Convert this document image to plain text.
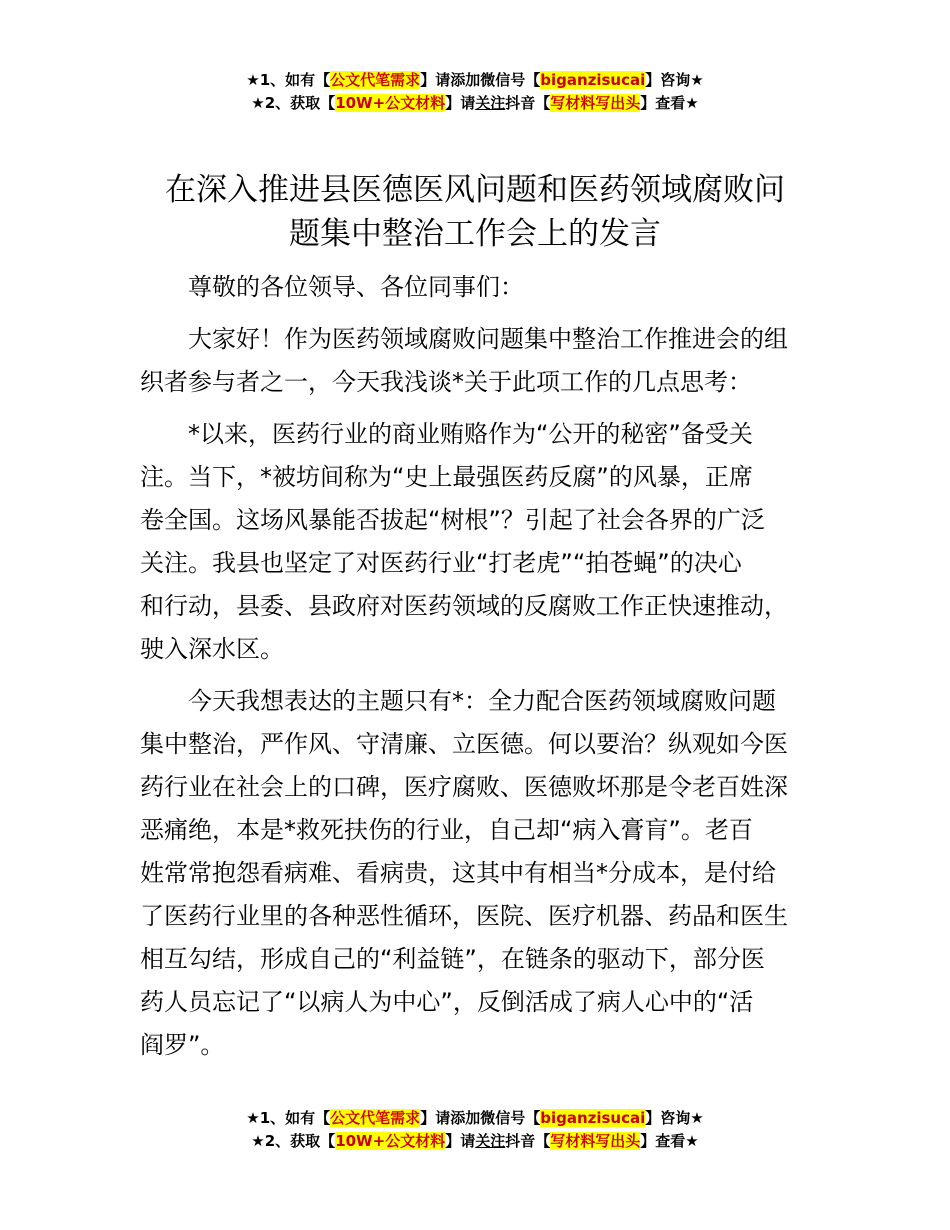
★1、如有【公文代笔需求】请添加微信号【biganzisucai】咨询★
★2、获取【10W+公文材料】请关注抖音【写材料写出头】查看★
在深入推进县医德医风问题和医药领域腐败问
题集中整治工作会上的发言

尊敬的各位领导、各位同事们：

大家好！作为医药领域腐败问题集中整治工作推进会的组
织者参与者之一，今天我浅谈*关于此项工作的几点思考：

*以来，医药行业的商业贿赂作为“公开的秘密”备受关
注。当下，*被坊间称为“史上最强医药反腐”的风暴，正席
卷全国。这场风暴能否拔起“树根”？引起了社会各界的广泛
关注。我县也坚定了对医药行业“打老虎”“拍苍蝇”的决心
和行动，县委、县政府对医药领域的反腐败工作正快速推动，
驶入深水区。

今天我想表达的主题只有*：全力配合医药领域腐败问题
集中整治，严作风、守清廉、立医德。何以要治？纵观如今医
药行业在社会上的口碑，医疗腐败、医德败坏那是令老百姓深
恶痛绝，本是*救死扶伤的行业，自己却“病入膏肓”。老百
姓常常抱怨看病难、看病贵，这其中有相当*分成本，是付给
了医药行业里的各种恶性循环，医院、医疗机器、药品和医生
相互勾结，形成自己的“利益链”，在链条的驱动下，部分医
药人员忘记了“以病人为中心”，反倒活成了病人心中的“活
阎罗”。

★1、如有【公文代笔需求】请添加微信号【biganzisucai】咨询★
★2、获取【10W+公文材料】请关注抖音【写材料写出头】查看★
